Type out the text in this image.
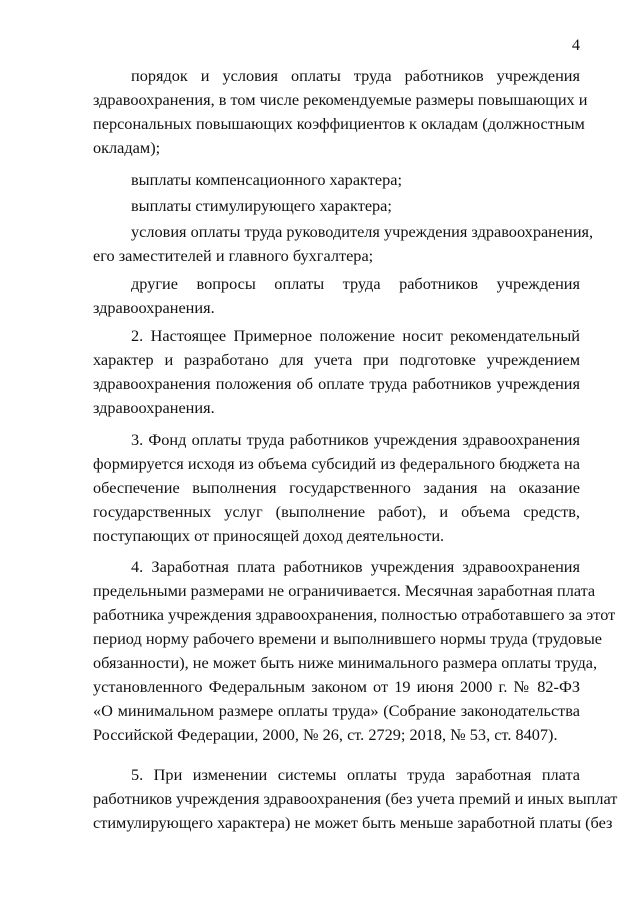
4
порядок и условия оплаты труда работников учреждения
здравоохранения, в том числе рекомендуемые размеры повышающих и
персональных повышающих коэффициентов к окладам (должностным
окладам);
выплаты компенсационного характера;
выплаты стимулирующего характера;
условия оплаты труда руководителя учреждения здравоохранения,
его заместителей и главного бухгалтера;
другие вопросы оплаты труда работников учреждения
здравоохранения.
2. Настоящее Примерное положение носит рекомендательный
характер и разработано для учета при подготовке учреждением
здравоохранения положения об оплате труда работников учреждения
здравоохранения.
3. Фонд оплаты труда работников учреждения здравоохранения
формируется исходя из объема субсидий из федерального бюджета на
обеспечение выполнения государственного задания на оказание
государственных услуг (выполнение работ), и объема средств,
поступающих от приносящей доход деятельности.
4. Заработная плата работников учреждения здравоохранения
предельными размерами не ограничивается. Месячная заработная плата
работника учреждения здравоохранения, полностью отработавшего за этот
период норму рабочего времени и выполнившего нормы труда (трудовые
обязанности), не может быть ниже минимального размера оплаты труда,
установленного Федеральным законом от 19 июня 2000 г. № 82-ФЗ
«О минимальном размере оплаты труда» (Собрание законодательства
Российской Федерации, 2000, № 26, ст. 2729; 2018, № 53, ст. 8407).
5. При изменении системы оплаты труда заработная плата
работников учреждения здравоохранения (без учета премий и иных выплат
стимулирующего характера) не может быть меньше заработной платы (без
